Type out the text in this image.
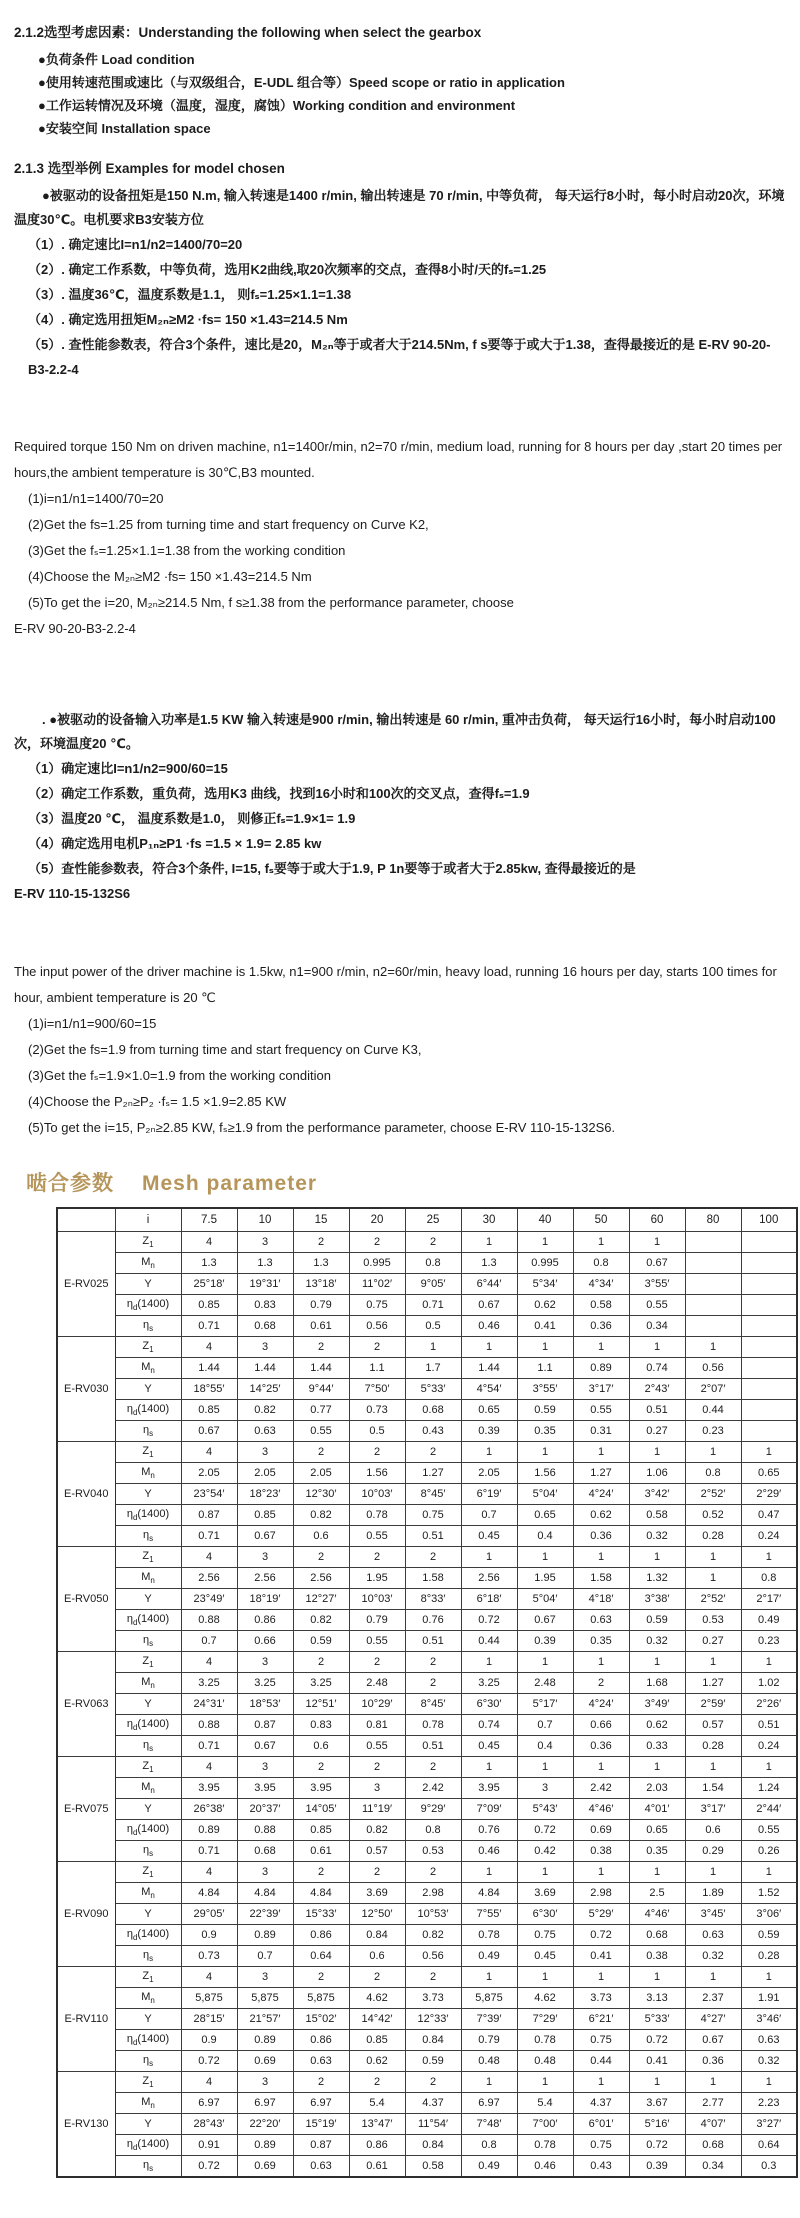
2.1.2选型考虑因素：Understanding the following when select the gearbox
●负荷条件 Load condition
●使用转速范围或速比（与双级组合，E-UDL 组合等）Speed scope or ratio in application
●工作运转情况及环境（温度，湿度，腐蚀）Working condition and environment
●安装空间 Installation space
2.1.3 选型举例 Examples for model chosen
●被驱动的设备扭矩是150 N.m, 输入转速是1400 r/min, 输出转速是 70 r/min, 中等负荷， 每天运行8小时，每小时启动20次，环境温度30℃。电机要求B3安装方位
（1）. 确定速比I=n1/n2=1400/70=20
（2）. 确定工作系数，中等负荷，选用K2曲线,取20次频率的交点，查得8小时/天的fₛ=1.25
（3）. 温度36℃，温度系数是1.1， 则fₛ=1.25×1.1=1.38
（4）. 确定选用扭矩M₂ₙ≥M2 ·fs= 150 ×1.43=214.5 Nm
（5）. 查性能参数表，符合3个条件，速比是20，M₂ₙ等于或者大于214.5Nm, f s要等于或大于1.38，查得最接近的是 E-RV 90-20-B3-2.2-4
Required torque 150 Nm on driven machine, n1=1400r/min, n2=70 r/min, medium load, running for 8 hours per day ,start 20 times per hours,the ambient temperature is 30℃,B3 mounted.
(1)i=n1/n1=1400/70=20
(2)Get the fs=1.25 from turning time and start frequency on Curve K2,
(3)Get the fₛ=1.25×1.1=1.38 from the working condition
(4)Choose the M₂ₙ≥M2 ·fs= 150 ×1.43=214.5 Nm
(5)To get the i=20, M₂ₙ≥214.5 Nm, f s≥1.38 from the performance parameter, choose
E-RV 90-20-B3-2.2-4
. ●被驱动的设备输入功率是1.5 KW 输入转速是900 r/min, 输出转速是 60 r/min, 重冲击负荷， 每天运行16小时，每小时启动100次，环境温度20 ℃。
（1）确定速比I=n1/n2=900/60=15
（2）确定工作系数，重负荷，选用K3 曲线，找到16小时和100次的交叉点，查得fₛ=1.9
（3）温度20 ℃， 温度系数是1.0， 则修正fₛ=1.9×1= 1.9
（4）确定选用电机P₁ₙ≥P1 ·fs =1.5 × 1.9= 2.85 kw
（5）查性能参数表，符合3个条件, I=15, fₛ要等于或大于1.9, P 1n要等于或者大于2.85kw, 查得最接近的是
E-RV 110-15-132S6
The input power of the driver machine is 1.5kw, n1=900 r/min, n2=60r/min, heavy load, running 16 hours per day, starts 100 times for hour, ambient temperature is 20 ℃
(1)i=n1/n1=900/60=15
(2)Get the fs=1.9 from turning time and start frequency on Curve K3,
(3)Get the fₛ=1.9×1.0=1.9 from the working condition
(4)Choose the P₂ₙ≥P₂ ·fₛ= 1.5 ×1.9=2.85 KW
(5)To get the i=15, P₂ₙ≥2.85 KW, fₛ≥1.9 from the performance parameter, choose E-RV 110-15-132S6.
啮合参数 Mesh parameter
	i	7.5	10	15	20	25	30	40	50	60	80	100
E-RV025	$Z_1$	4	3	2	2	2	1	1	1	1		
	$M_n$	1.3	1.3	1.3	0.995	0.8	1.3	0.995	0.8	0.67		
	Y	25°18′	19°31′	13°18′	11°02′	9°05′	6°44′	5°34′	4°34′	3°55′		
	$\eta_d(1400)$	0.85	0.83	0.79	0.75	0.71	0.67	0.62	0.58	0.55		
	$\eta_s$	0.71	0.68	0.61	0.56	0.5	0.46	0.41	0.36	0.34		
E-RV030	$Z_1$	4	3	2	2	1	1	1	1	1	1	
	$M_n$	1.44	1.44	1.44	1.1	1.7	1.44	1.1	0.89	0.74	0.56	
	Y	18°55′	14°25′	9°44′	7°50′	5°33′	4°54′	3°55′	3°17′	2°43′	2°07′	
	$\eta_d(1400)$	0.85	0.82	0.77	0.73	0.68	0.65	0.59	0.55	0.51	0.44	
	$\eta_s$	0.67	0.63	0.55	0.5	0.43	0.39	0.35	0.31	0.27	0.23	
E-RV040	$Z_1$	4	3	2	2	2	1	1	1	1	1	1
	$M_n$	2.05	2.05	2.05	1.56	1.27	2.05	1.56	1.27	1.06	0.8	0.65
	Y	23°54′	18°23′	12°30′	10°03′	8°45′	6°19′	5°04′	4°24′	3°42′	2°52′	2°29′
	$\eta_d(1400)$	0.87	0.85	0.82	0.78	0.75	0.7	0.65	0.62	0.58	0.52	0.47
	$\eta_s$	0.71	0.67	0.6	0.55	0.51	0.45	0.4	0.36	0.32	0.28	0.24
E-RV050	$Z_1$	4	3	2	2	2	1	1	1	1	1	1
	$M_n$	2.56	2.56	2.56	1.95	1.58	2.56	1.95	1.58	1.32	1	0.8
	Y	23°49′	18°19′	12°27′	10°03′	8°33′	6°18′	5°04′	4°18′	3°38′	2°52′	2°17′
	$\eta_d(1400)$	0.88	0.86	0.82	0.79	0.76	0.72	0.67	0.63	0.59	0.53	0.49
	$\eta_s$	0.7	0.66	0.59	0.55	0.51	0.44	0.39	0.35	0.32	0.27	0.23
E-RV063	$Z_1$	4	3	2	2	2	1	1	1	1	1	1
	$M_n$	3.25	3.25	3.25	2.48	2	3.25	2.48	2	1.68	1.27	1.02
	Y	24°31′	18°53′	12°51′	10°29′	8°45′	6°30′	5°17′	4°24′	3°49′	2°59′	2°26′
	$\eta_d(1400)$	0.88	0.87	0.83	0.81	0.78	0.74	0.7	0.66	0.62	0.57	0.51
	$\eta_s$	0.71	0.67	0.6	0.55	0.51	0.45	0.4	0.36	0.33	0.28	0.24
E-RV075	$Z_1$	4	3	2	2	2	1	1	1	1	1	1
	$M_n$	3.95	3.95	3.95	3	2.42	3.95	3	2.42	2.03	1.54	1.24
	Y	26°38′	20°37′	14°05′	11°19′	9°29′	7°09′	5°43′	4°46′	4°01′	3°17′	2°44′
	$\eta_d(1400)$	0.89	0.88	0.85	0.82	0.8	0.76	0.72	0.69	0.65	0.6	0.55
	$\eta_s$	0.71	0.68	0.61	0.57	0.53	0.46	0.42	0.38	0.35	0.29	0.26
E-RV090	$Z_1$	4	3	2	2	2	1	1	1	1	1	1
	$M_n$	4.84	4.84	4.84	3.69	2.98	4.84	3.69	2.98	2.5	1.89	1.52
	Y	29°05′	22°39′	15°33′	12°50′	10°53′	7°55′	6°30′	5°29′	4°46′	3°45′	3°06′
	$\eta_d(1400)$	0.9	0.89	0.86	0.84	0.82	0.78	0.75	0.72	0.68	0.63	0.59
	$\eta_s$	0.73	0.7	0.64	0.6	0.56	0.49	0.45	0.41	0.38	0.32	0.28
E-RV110	$Z_1$	4	3	2	2	2	1	1	1	1	1	1
	$M_n$	5,875	5,875	5,875	4.62	3.73	5,875	4.62	3.73	3.13	2.37	1.91
	Y	28°15′	21°57′	15°02′	14°42′	12°33′	7°39′	7°29′	6°21′	5°33′	4°27′	3°46′
	$\eta_d(1400)$	0.9	0.89	0.86	0.85	0.84	0.79	0.78	0.75	0.72	0.67	0.63
	$\eta_s$	0.72	0.69	0.63	0.62	0.59	0.48	0.48	0.44	0.41	0.36	0.32
E-RV130	$Z_1$	4	3	2	2	2	1	1	1	1	1	1
	$M_n$	6.97	6.97	6.97	5.4	4.37	6.97	5.4	4.37	3.67	2.77	2.23
	Y	28°43′	22°20′	15°19′	13°47′	11°54′	7°48′	7°00′	6°01′	5°16′	4°07′	3°27′
	$\eta_d(1400)$	0.91	0.89	0.87	0.86	0.84	0.8	0.78	0.75	0.72	0.68	0.64
	$\eta_s$	0.72	0.69	0.63	0.61	0.58	0.49	0.46	0.43	0.39	0.34	0.3
